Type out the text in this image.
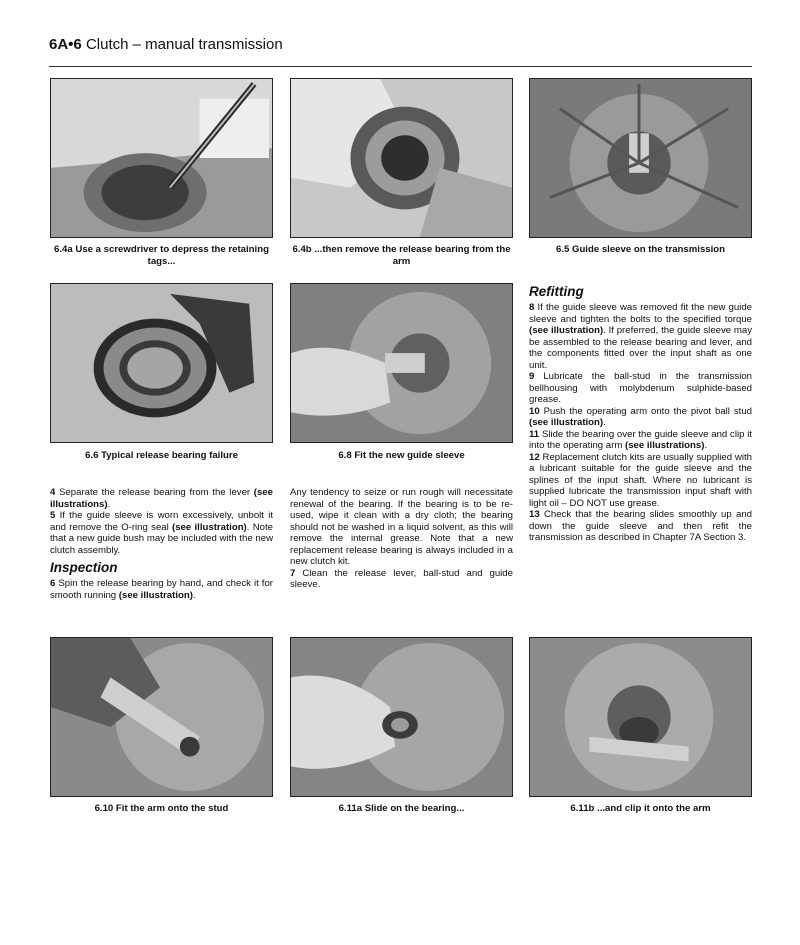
6A•6 Clutch – manual transmission
6.4a Use a screwdriver to depress the retaining tags...
6.4b ...then remove the release bearing from the arm
6.5 Guide sleeve on the transmission
6.6 Typical release bearing failure	6.8 Fit the new guide sleeve
Refitting

8 If the guide sleeve was removed fit the new guide sleeve and tighten the bolts to the specified torque (see illustration). If preferred, the guide sleeve may be assembled to the release bearing and lever, and the components fitted over the input shaft as one unit.

9 Lubricate the ball-stud in the transmission bellhousing with molybdenum sulphide-based grease.

10 Push the operating arm onto the pivot ball stud (see illustration).

11 Slide the bearing over the guide sleeve and clip it into the operating arm (see illustrations).

12 Replacement clutch kits are usually supplied with a lubricant suitable for the guide sleeve and the splines of the input shaft. Where no lubricant is supplied lubricate the transmission input shaft with light oil – DO NOT use grease.

13 Check that the bearing slides smoothly up and down the guide sleeve and then refit the transmission as described in Chapter 7A Section 3.

4 Separate the release bearing from the lever (see illustrations).

5 If the guide sleeve is worn excessively, unbolt it and remove the O-ring seal (see illustration). Note that a new guide bush may be included with the new clutch assembly.

Inspection

6 Spin the release bearing by hand, and check it for smooth running (see illustration).

Any tendency to seize or run rough will necessitate renewal of the bearing. If the bearing is to be re-used, wipe it clean with a dry cloth; the bearing should not be washed in a liquid solvent, as this will remove the internal grease. Note that a new replacement release bearing is always included in a new clutch kit.

7 Clean the release lever, ball-stud and guide sleeve.

6.10 Fit the arm onto the stud	6.11a Slide on the bearing...	6.11b ...and clip it onto the arm
